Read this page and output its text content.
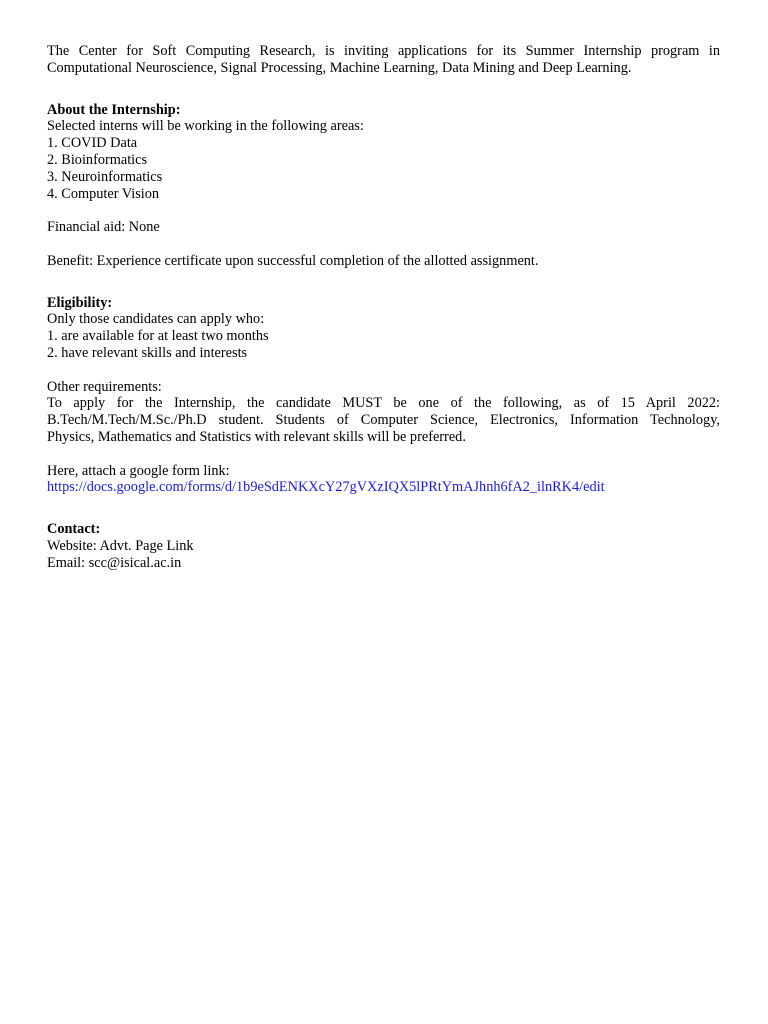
The Center for Soft Computing Research, is inviting applications for its Summer Internship program in

Computational Neuroscience, Signal Processing, Machine Learning, Data Mining and Deep Learning.

About the Internship:
Selected interns will be working in the following areas:
1. COVID Data
2. Bioinformatics
3. Neuroinformatics
4. Computer Vision
Financial aid: None
Benefit: Experience certificate upon successful completion of the allotted assignment.
Eligibility:
Only those candidates can apply who:
1. are available for at least two months
2. have relevant skills and interests
Other requirements:

To apply for the Internship, the candidate MUST be one of the following, as of 15 April 2022:

B.Tech/M.Tech/M.Sc./Ph.D student. Students of Computer Science, Electronics, Information Technology,

Physics, Mathematics and Statistics with relevant skills will be preferred.

Here, attach a google form link:
https://docs.google.com/forms/d/1b9eSdENKXcY27gVXzIQX5lPRtYmAJhnh6fA2_ilnRK4/edit
Contact:
Website: Advt. Page Link
Email: scc@isical.ac.in
